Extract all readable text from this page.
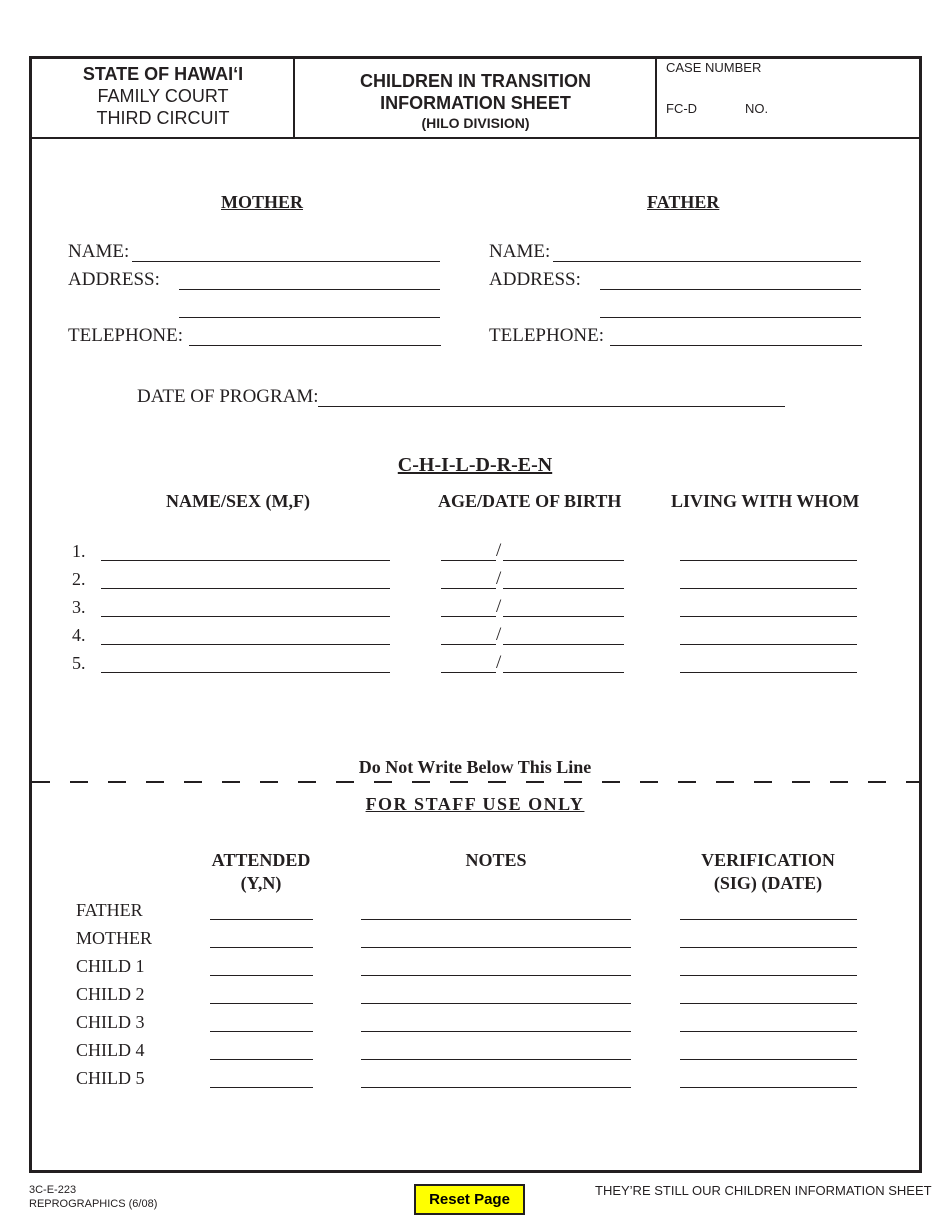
STATE OF HAWAI‘I
FAMILY COURT
THIRD CIRCUIT
CHILDREN IN TRANSITION
INFORMATION SHEET
(HILO DIVISION)
CASE NUMBER
FC-D	NO.
MOTHER	FATHER
NAME:
ADDRESS:
TELEPHONE:
NAME:
ADDRESS:
TELEPHONE:
DATE OF PROGRAM:
C-H-I-L-D-R-E-N
NAME/SEX (M,F)	AGE/DATE OF BIRTH	LIVING WITH WHOM
1.	/
2.	/
3.	/
4.	/
5.	/
Do Not Write Below This Line
FOR STAFF USE ONLY
ATTENDED
(Y,N)
NOTES	VERIFICATION
(SIG) (DATE)
FATHER
MOTHER
CHILD 1
CHILD 2
CHILD 3
CHILD 4
CHILD 5
3C-E-223
REPROGRAPHICS (6/08)	Reset Page
THEY’RE STILL OUR CHILDREN INFORMATION SHEET
